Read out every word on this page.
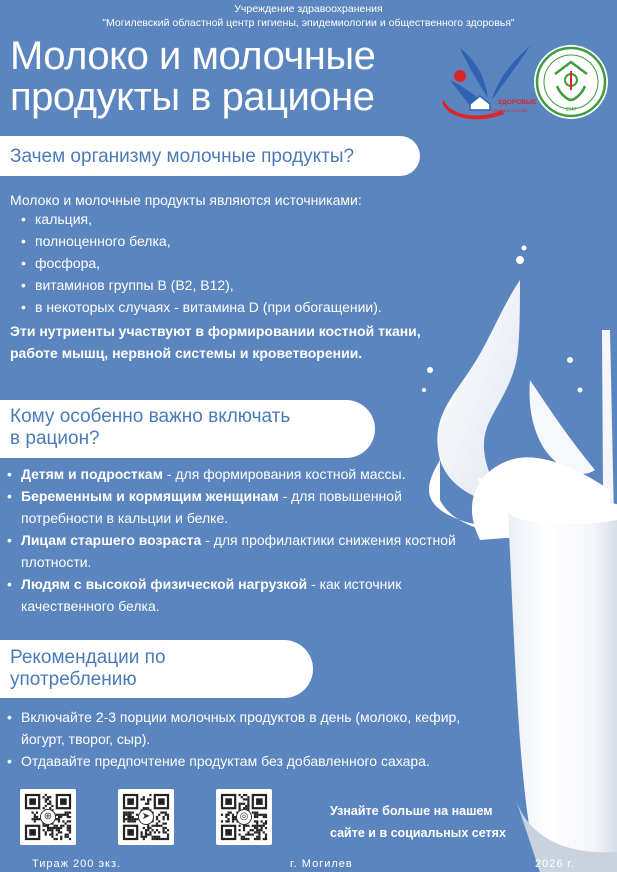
Учреждение здравоохранения
"Могилевский областной центр гигиены, эпидемиологии и общественного здоровья"
Молоко и молочные
продукты в рационе	ЗДОРОВЫЕ
ГОРОДА И ПОСЕЛКИ	1947
Зачем организму молочные продукты?
Молоко и молочные продукты являются источниками:
• кальция,
• полноценного белка,
• фосфора,
• витаминов группы В (В2, В12),
• в некоторых случаях - витамина D (при обогащении).
Эти нутриенты участвуют в формировании костной ткани,
работе мышц, нервной системы и кроветворении.
Кому особенно важно включать
в рацион?
• Детям и подросткам - для формирования костной массы.
• Беременным и кормящим женщинам - для повышенной
потребности в кальции и белке.
• Лицам старшего возраста - для профилактики снижения костной
плотности.
• Людям с высокой физической нагрузкой - как источник
качественного белка.
Рекомендации по
употреблению
• Включайте 2-3 порции молочных продуктов в день (молоко, кефир,
йогурт, творог, сыр).
• Отдавайте предпочтение продуктам без добавленного сахара.
⊕	➤	◎	Узнайте больше на нашем
сайте и в социальных сетях
Тираж 200 экз.	г. Могилев	2026 г.
